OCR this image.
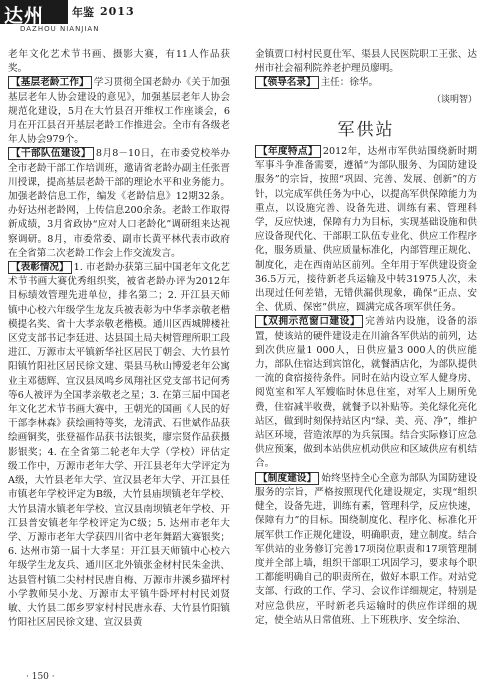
达州	年鉴 2013
DAZHOU NIANJIAN

老年文化艺术节书画、摄影大赛，有11人作品获奖。

【基层老龄工作】 学习贯彻全国老龄办《关于加强基层老年人协会建设的意见》，加强基层老年人协会规范化建设，5月在大竹县召开维权工作座谈会，6月在开江县召开基层老龄工作推进会。全市有各级老年人协会979个。

【干部队伍建设】 8月8－10日，在市委党校举办全市老龄干部工作培训班，邀请省老龄办副主任张晋川授课，提高基层老龄干部的理论水平和业务能力。加强老龄信息工作，编发《老龄信息》12期32条。办好达州老龄网，上传信息200余条。老龄工作取得新成绩，3月省政协“应对人口老龄化”调研组来达视察调研。8月，市委常委、副市长黄平林代表市政府在全省第二次老龄工作会上作交流发言。

【表彰情况】 1. 市老龄办获第三届中国老年文化艺术节书画大赛优秀组织奖，被省老龄办评为2012年目标绩效管理先进单位，排名第二；2. 开江县天师镇中心校六年级学生龙友兵被表彰为中华孝亲敬老楷模提名奖、省十大孝亲敬老楷模。通川区西城牌楼社区党支部书记李廷进、达县国土局夫树管理所职工段进江、万源市太平镇新华社区居民丁朝会、大竹县竹阳镇竹阳社区居民徐文建、渠县马秋山博爱老年公寓业主邓德辉、宣汉县凤鸣乡凤翔社区党支部书记何秀等6人被评为全国孝亲敬老之星；3. 在第三届中国老年文化艺术节书画大赛中，王朝光的国画《人民的好干部李林森》获绘画特等奖，龙清武、石世斌作品获绘画铜奖，张登福作品获书法银奖，廖宗贤作品获摄影银奖；4. 在全省第二轮老年大学（学校）评估定级工作中，万源市老年大学、开江县老年大学评定为A级，大竹县老年大学、宣汉县老年大学、开江县任市镇老年学校评定为B级，大竹县庙坝镇老年学校、大竹县清水镇老年学校、宣汉县南坝镇老年学校、开江县普安镇老年学校评定为C级；5. 达州市老年大学、万源市老年大学获四川省中老年舞蹈大赛银奖；6. 达州市第一届十大孝星：开江县天师镇中心校六年级学生龙友兵、通川区北外镇张金材村民朱金洪、达县管村镇二尖村村民唐自梅、万源市井溪乡猫坪村小学教师吴小龙、万源市太平镇牛卧坪村村民刘贤敏、大竹县二郎乡罗家村村民唐永春、大竹县竹阳镇竹阳社区居民徐文建、宣汉县黄

金镇贾口村村民夏仕军、渠县人民医院职工王张、达州市社会福利院养老护理员廖明。

【领导名录】 主任：徐华。

（谈明智）

军供站

【年度特点】 2012年，达州市军供站围绕新时期军事斗争准备需要，遵循“为部队服务、为国防建设服务”的宗旨，按照“巩固、完善、发展、创新”的方针，以完成军供任务为中心，以提高军供保障能力为重点，以设施完善、设备先进、训练有素、管理科学，反应快速，保障有力为目标，实现基础设施和供应设备现代化、干部职工队伍专业化、供应工作程序化，服务质量、供应质量标准化，内部管理正规化、制度化，走在西南站区前列。全年用于军供建设资金36.5万元，接待新老兵运输及中转31975人次，未出现过任何差错，无错供漏供现象，确保“正点、安全、优质、保密”供应，圆满完成各项军供任务。

【双拥示范窗口建设】 完善站内设施，设备的添置，使该站的硬件建设走在川渝各军供站的前列，达到次供应量1 000人，日供应量3 000人的供应能力，部队住宿达到宾馆化，就餐酒店化，为部队提供一流的食宿接待条件。同时在站内设立军人健身房、阅览室和军人军嫂临时休息住室，对军人上厕所免费，住宿减半收费，就餐予以补贴等。美化绿化亮化站区，做到时刻保持站区内“绿、美、亮、净”，维护站区环境，营造浓厚的为兵氛围。结合实际修订应急供应预案，做到本站供应机动供应和区域供应有机结合。

【制度建设】 始终坚持全心全意为部队为国防建设服务的宗旨，严格按照现代化建设规定，实现“组织健全，设备先进，训练有素，管理科学，反应快速，保障有力”的目标。围绕制度化、程序化、标准化开展军供工作正规化建设，明确职责，建立制度。结合军供站的业务修订完善17项岗位职责和17项管理制度并全部上墙，组织干部职工巩固学习，要求每个职工都能明确自己的职责所在，做好本职工作。对站党支部、行政的工作、学习、会议作详细规定，特别是对应急供应，平时新老兵运输时的供应作详细的规定，使全站从日常值班、上下班秩序、安全综治、

· 150 ·
